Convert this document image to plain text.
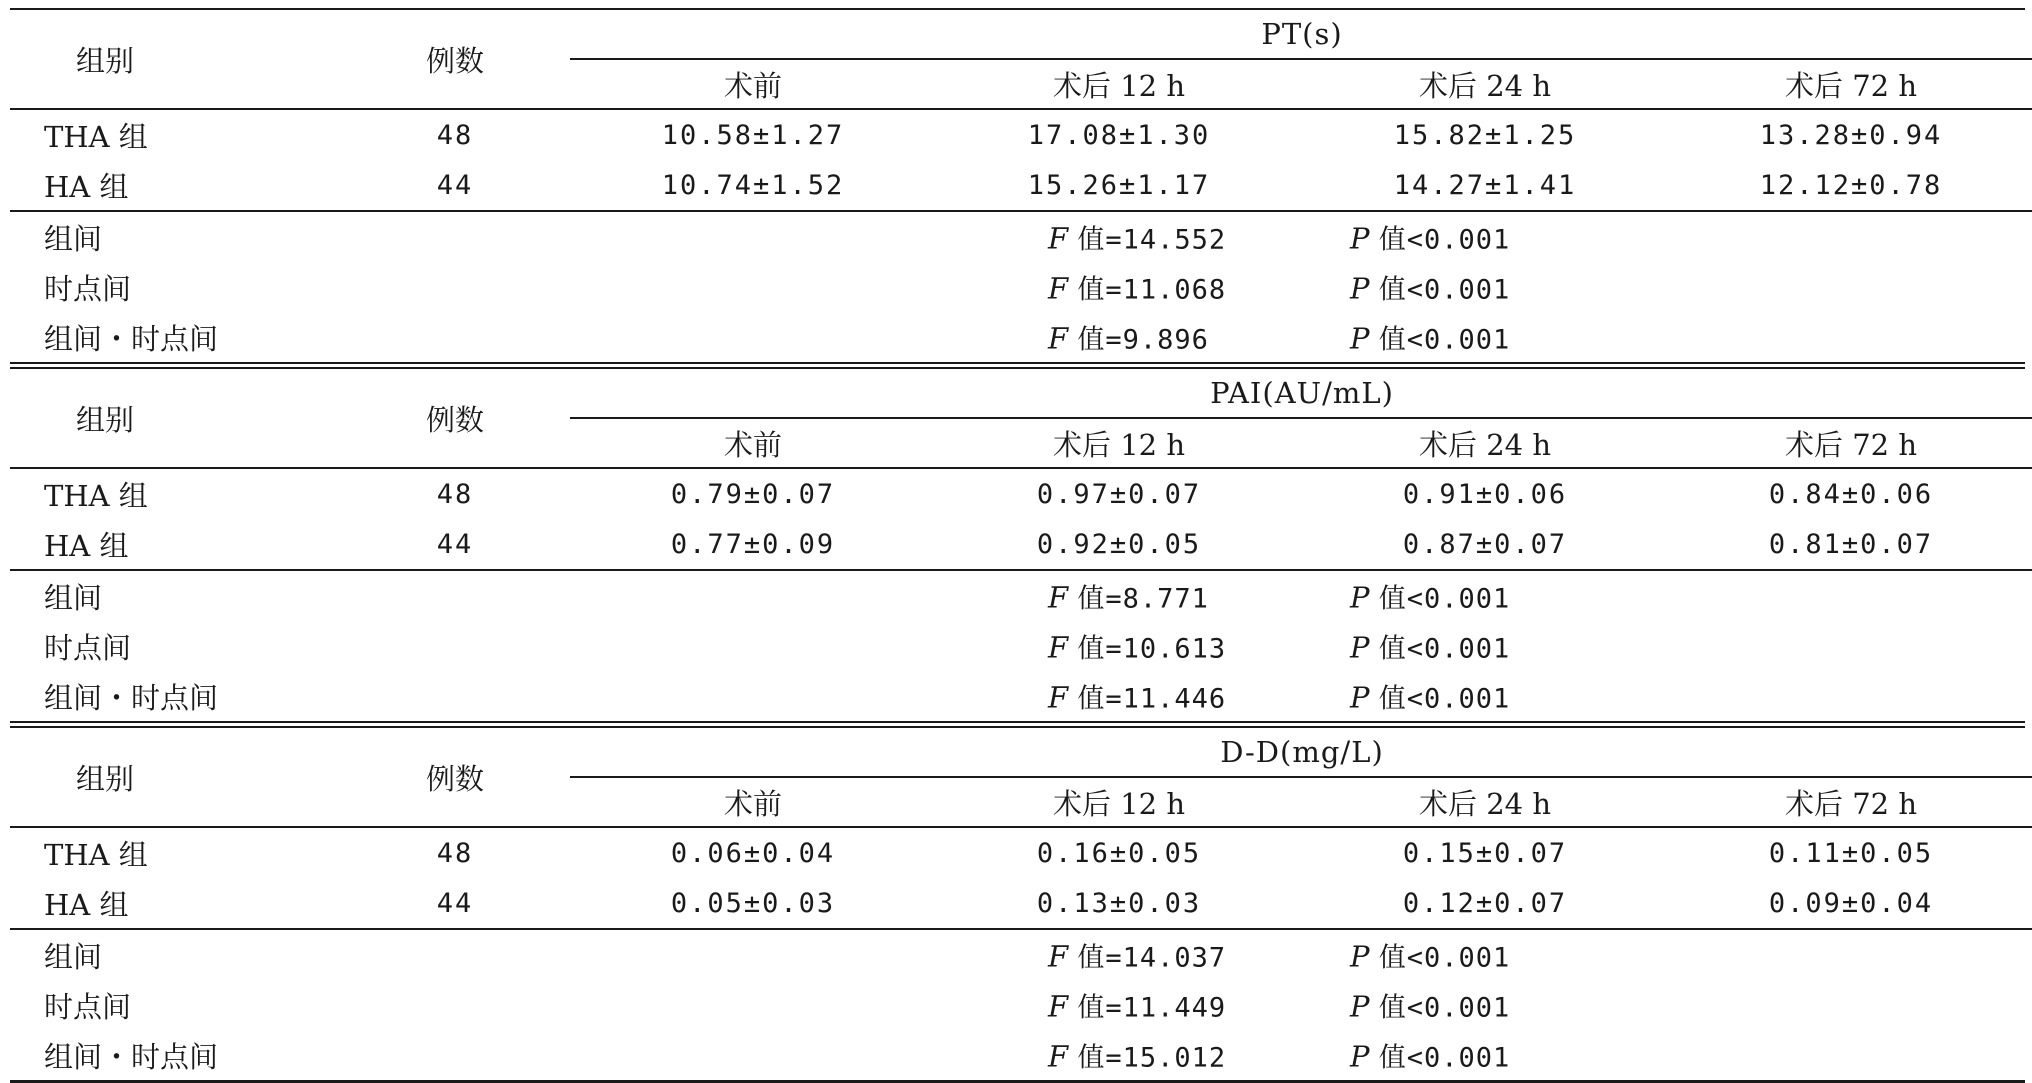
组别	例数	PT(s)			
		术前	术后 12 h	术后 24 h	术后 72 h
THA 组	48	10.58±1.27	17.08±1.30	15.82±1.25	13.28±0.94
HA 组	44	10.74±1.52	15.26±1.17	14.27±1.41	12.12±0.78
组间 F 值=14.552 P 值<0.001					

时点间 F 值=11.068 P 值<0.001					

组间・时点间 F 值=9.896 P 值<0.001					
组别	例数	PAI(AU/mL)			
		术前	术后 12 h	术后 24 h	术后 72 h
THA 组	48	0.79±0.07	0.97±0.07	0.91±0.06	0.84±0.06
HA 组	44	0.77±0.09	0.92±0.05	0.87±0.07	0.81±0.07
组间 F 值=8.771 P 值<0.001					

时点间 F 值=10.613 P 值<0.001					

组间・时点间 F 值=11.446 P 值<0.001					
组别	例数	D-D(mg/L)			
		术前	术后 12 h	术后 24 h	术后 72 h
THA 组	48	0.06±0.04	0.16±0.05	0.15±0.07	0.11±0.05
HA 组	44	0.05±0.03	0.13±0.03	0.12±0.07	0.09±0.04
组间 F 值=14.037 P 值<0.001					

时点间 F 值=11.449 P 值<0.001					

组间・时点间 F 值=15.012 P 值<0.001					
